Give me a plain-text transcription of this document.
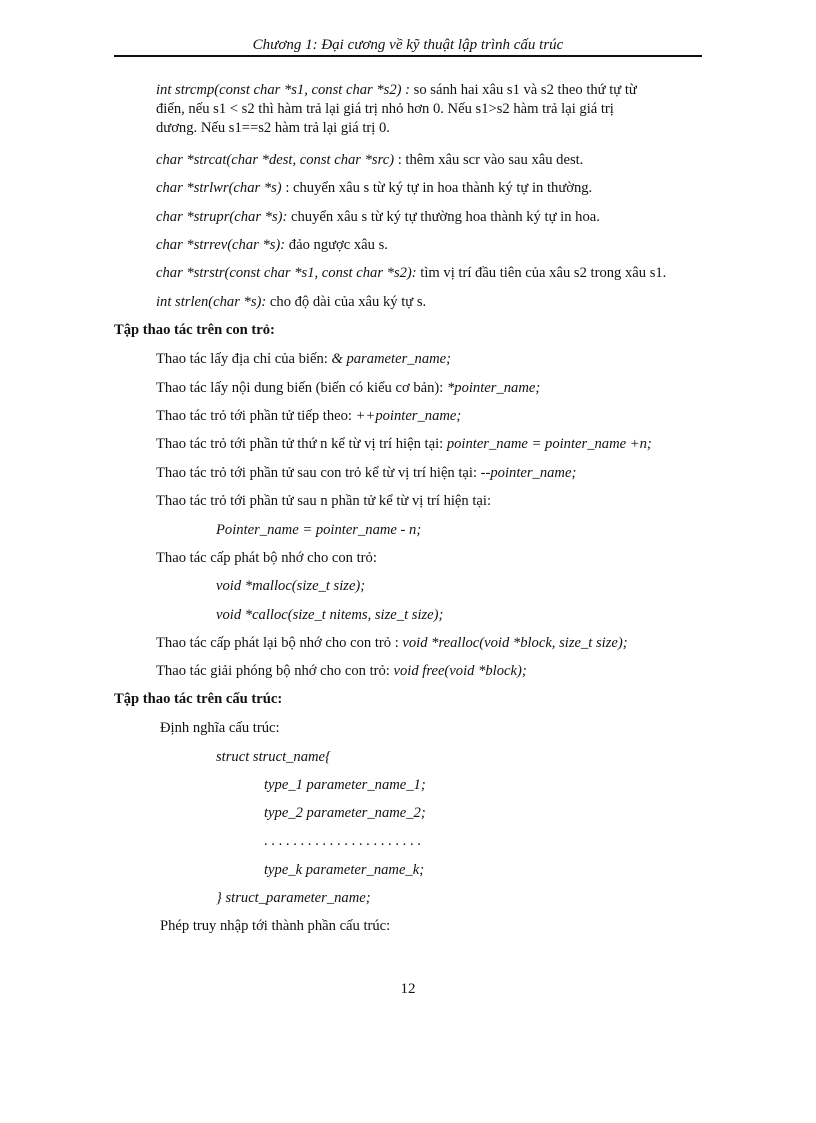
Chương 1: Đại cương về kỹ thuật lập trình cấu trúc
int strcmp(const char *s1, const char *s2) : so sánh hai xâu s1 và s2 theo thứ tự từ
điển, nếu s1 < s2 thì hàm trả lại giá trị nhỏ hơn 0. Nếu s1>s2 hàm trả lại giá trị
dương. Nếu s1==s2 hàm trả lại giá trị 0.
char *strcat(char *dest, const char *src) : thêm xâu scr vào sau xâu dest.
char *strlwr(char *s) : chuyển xâu s từ ký tự in hoa thành ký tự in thường.
char *strupr(char *s): chuyển xâu s từ ký tự thường hoa thành ký tự in hoa.
char *strrev(char *s): đảo ngược xâu s.
char *strstr(const char *s1, const char *s2): tìm vị trí đầu tiên của xâu s2 trong xâu s1.
int strlen(char *s): cho độ dài của xâu ký tự s.
Tập thao tác trên con trỏ:
Thao tác lấy địa chỉ của biến: & parameter_name;
Thao tác lấy nội dung biến (biến có kiểu cơ bản): *pointer_name;
Thao tác trỏ tới phần tử tiếp theo: ++pointer_name;
Thao tác trỏ tới phần tử thứ n kể từ vị trí hiện tại: pointer_name = pointer_name +n;
Thao tác trỏ tới phần tử sau con trỏ kể từ vị trí hiện tại: --pointer_name;
Thao tác trỏ tới phần tử sau n phần tử kể từ vị trí hiện tại:
Pointer_name = pointer_name - n;
Thao tác cấp phát bộ nhớ cho con trỏ:
void *malloc(size_t size);
void *calloc(size_t nitems, size_t size);
Thao tác cấp phát lại bộ nhớ cho con trỏ : void *realloc(void *block, size_t size);
Thao tác giải phóng bộ nhớ cho con trỏ: void free(void *block);
Tập thao tác trên cấu trúc:
Định nghĩa cấu trúc:
struct struct_name{
type_1 parameter_name_1;
type_2 parameter_name_2;
. . . . . . . . . . . . . . . . . . . . . .
type_k parameter_name_k;
} struct_parameter_name;
Phép truy nhập tới thành phần cấu trúc:
12
